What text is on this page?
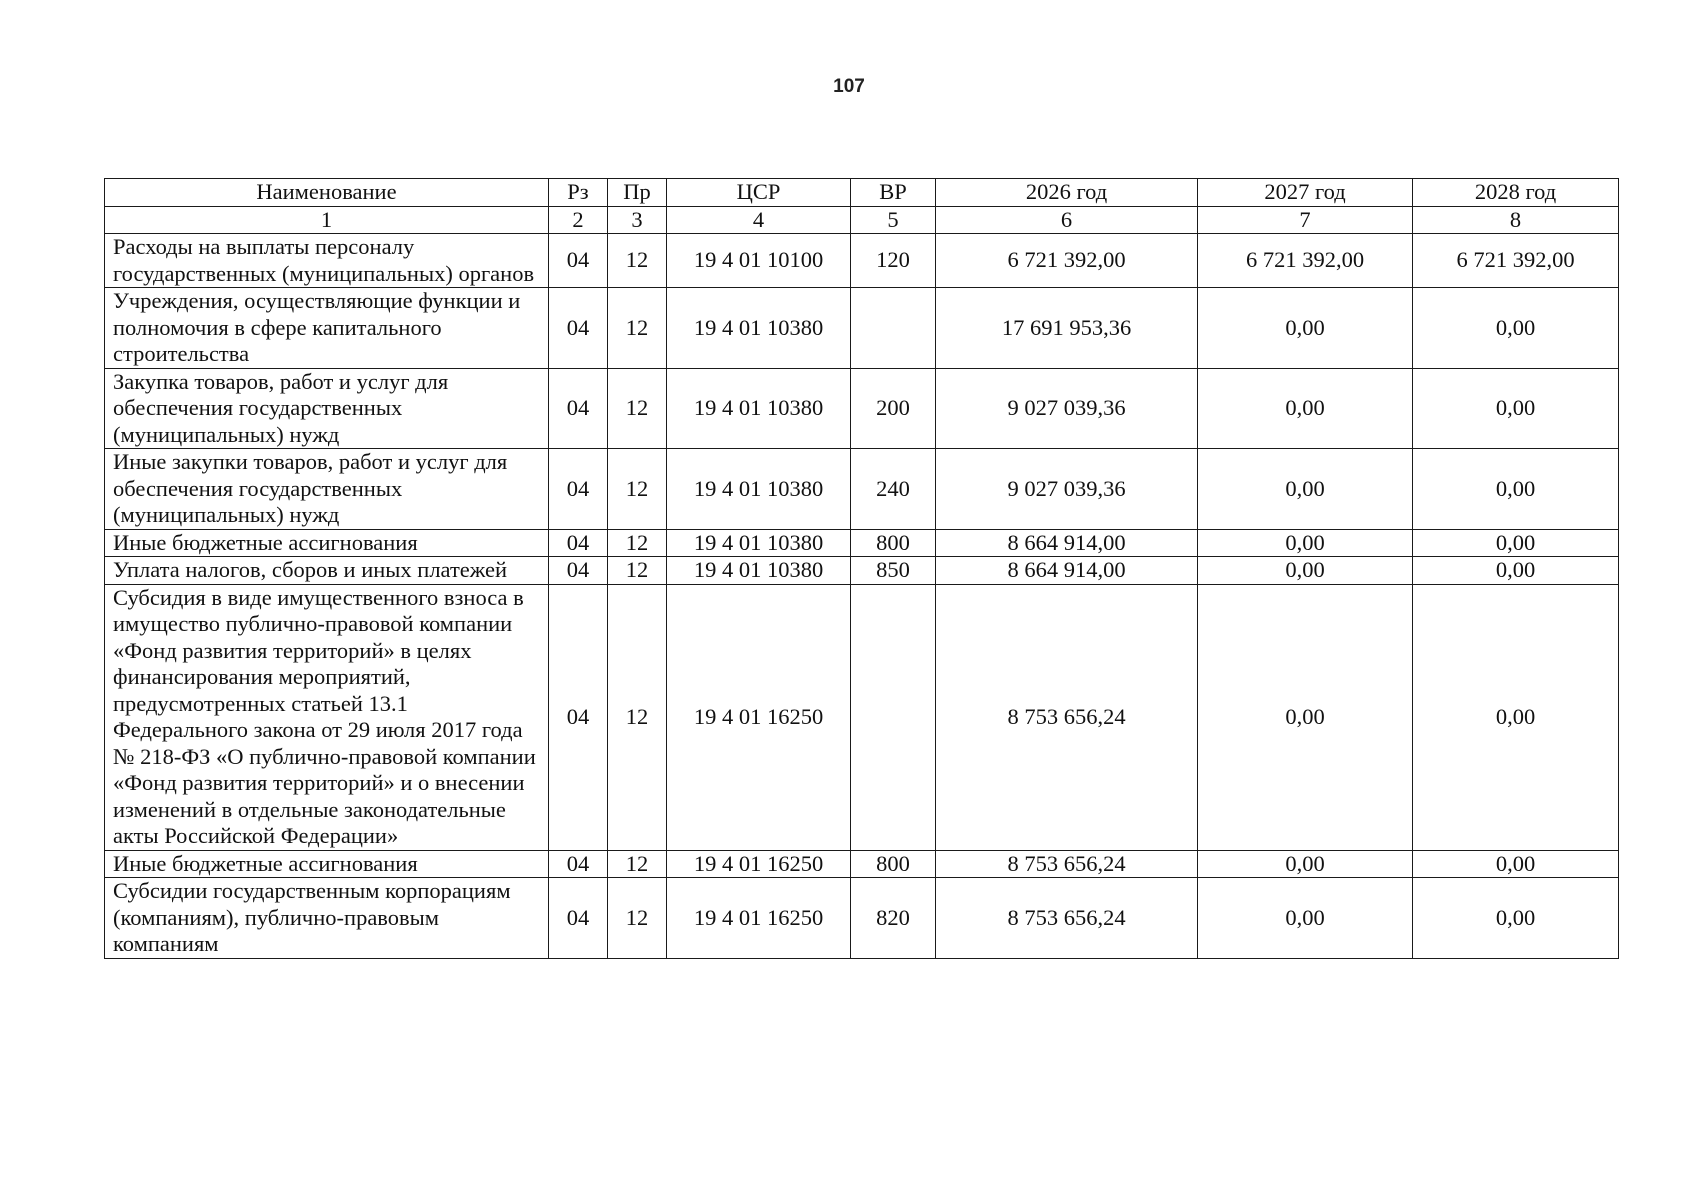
107
Наименование	Рз	Пр	ЦСР	ВР	2026 год	2027 год	2028 год
1	2	3	4	5	6	7	8
Расходы на выплаты персоналу государственных (муниципальных) органов	04	12	19 4 01 10100	120	6 721 392,00	6 721 392,00	6 721 392,00
Учреждения, осуществляющие функции и полномочия в сфере капитального строительства	04	12	19 4 01 10380		17 691 953,36	0,00	0,00
Закупка товаров, работ и услуг для обеспечения государственных (муниципальных) нужд	04	12	19 4 01 10380	200	9 027 039,36	0,00	0,00
Иные закупки товаров, работ и услуг для обеспечения государственных (муниципальных) нужд	04	12	19 4 01 10380	240	9 027 039,36	0,00	0,00
Иные бюджетные ассигнования	04	12	19 4 01 10380	800	8 664 914,00	0,00	0,00
Уплата налогов, сборов и иных платежей	04	12	19 4 01 10380	850	8 664 914,00	0,00	0,00
Субсидия в виде имущественного взноса в имущество публично-правовой компании «Фонд развития территорий» в целях финансирования мероприятий, предусмотренных статьей 13.1 Федерального закона от 29 июля 2017 года № 218-ФЗ «О публично-правовой компании «Фонд развития территорий» и о внесении изменений в отдельные законодательные акты Российской Федерации»	04	12	19 4 01 16250		8 753 656,24	0,00	0,00
Иные бюджетные ассигнования	04	12	19 4 01 16250	800	8 753 656,24	0,00	0,00
Субсидии государственным корпорациям (компаниям), публично-правовым компаниям	04	12	19 4 01 16250	820	8 753 656,24	0,00	0,00
